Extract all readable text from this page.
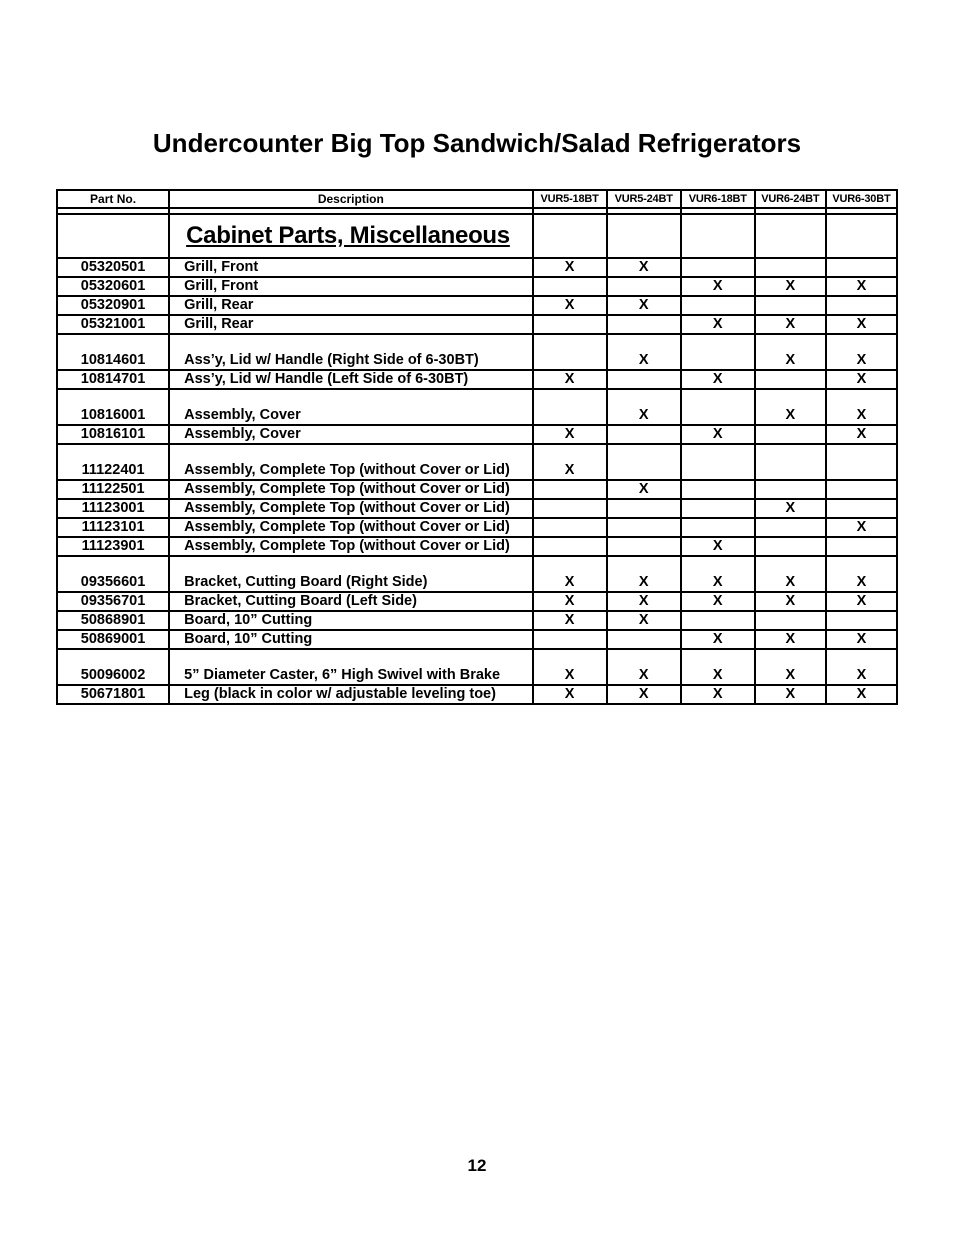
Undercounter Big Top Sandwich/Salad Refrigerators
Part No.	Description	VUR5-18BT	VUR5-24BT	VUR6-18BT	VUR6-24BT	VUR6-30BT

	Cabinet Parts, Miscellaneous					

05320501	Grill, Front	X	X			
05320601	Grill, Front			X	X	X
05320901	Grill, Rear	X	X			
05321001	Grill, Rear			X	X	X
10814601	Ass’y, Lid w/ Handle (Right Side of 6-30BT)		X		X	X
10814701	Ass’y, Lid w/ Handle (Left Side of 6-30BT)	X		X		X
10816001	Assembly, Cover		X		X	X
10816101	Assembly, Cover	X		X		X
11122401	Assembly, Complete Top (without Cover or Lid)	X				
11122501	Assembly, Complete Top (without Cover or Lid)		X			
11123001	Assembly, Complete Top (without Cover or Lid)				X	
11123101	Assembly, Complete Top (without Cover or Lid)					X
11123901	Assembly, Complete Top (without Cover or Lid)			X		
09356601	Bracket, Cutting Board (Right Side)	X	X	X	X	X
09356701	Bracket, Cutting Board (Left Side)	X	X	X	X	X
50868901	Board, 10” Cutting	X	X			
50869001	Board, 10” Cutting			X	X	X
50096002	5” Diameter Caster, 6” High Swivel with Brake	X	X	X	X	X
50671801	Leg (black in color w/ adjustable leveling toe)	X	X	X	X	X
12
